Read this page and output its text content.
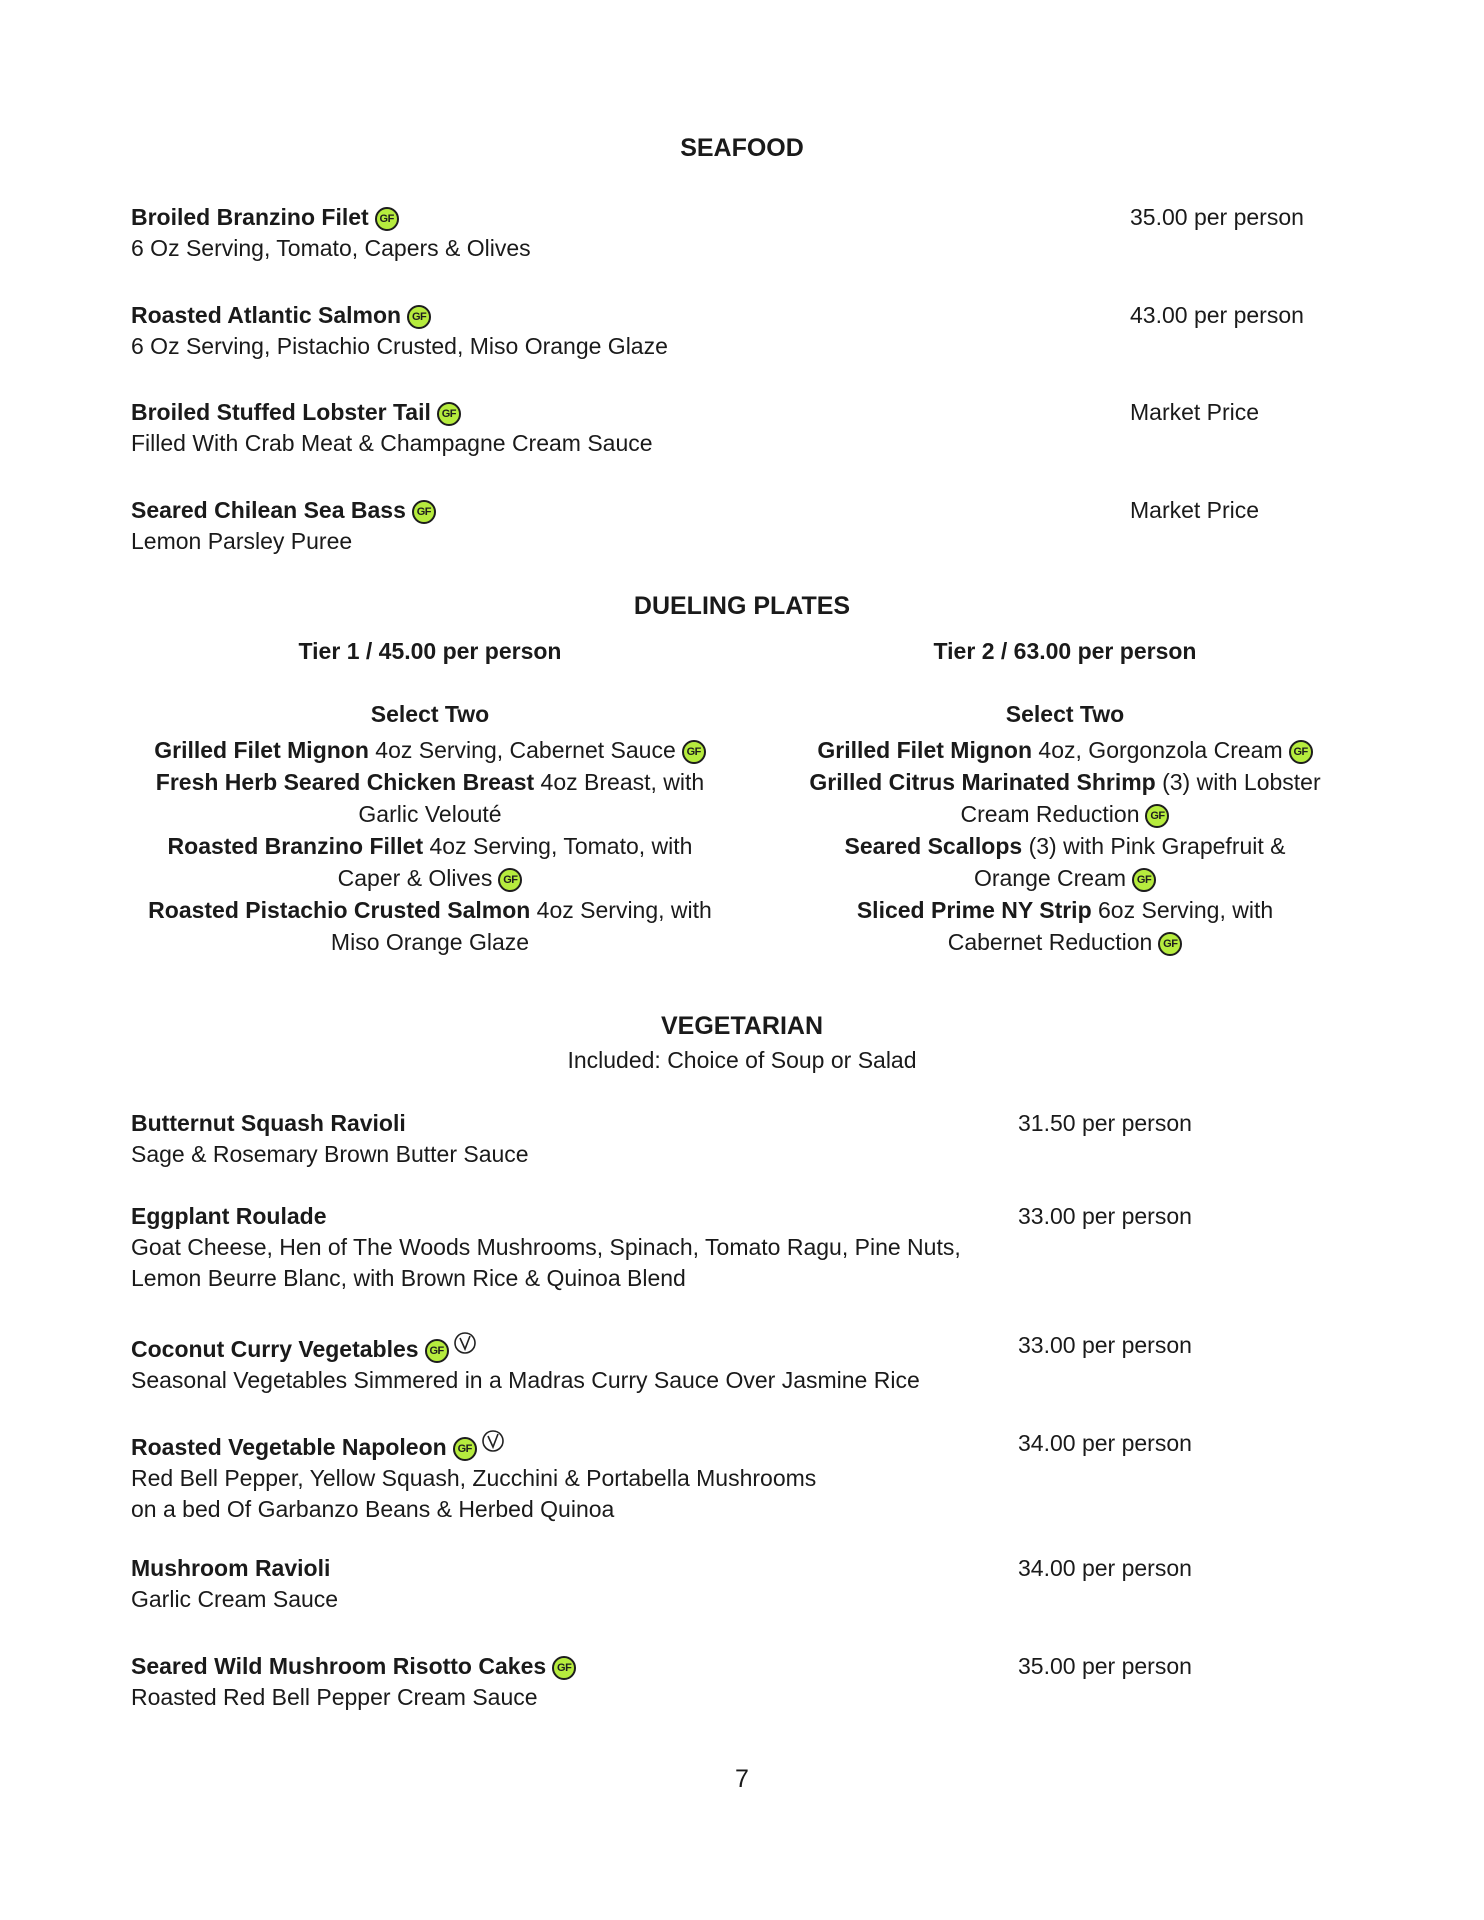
SEAFOOD
Broiled Branzino Filet GF
6 Oz Serving, Tomato, Capers & Olives
35.00 per person
Roasted Atlantic Salmon GF
6 Oz Serving, Pistachio Crusted, Miso Orange Glaze
43.00 per person
Broiled Stuffed Lobster Tail GF
Filled With Crab Meat & Champagne Cream Sauce
Market Price
Seared Chilean Sea Bass GF
Lemon Parsley Puree
Market Price
DUELING PLATES
Tier 1 / 45.00 per person	Tier 2 / 63.00 per person
Select Two
Grilled Filet Mignon 4oz Serving, Cabernet Sauce GF
Fresh Herb Seared Chicken Breast 4oz Breast, with
Garlic Velouté
Roasted Branzino Fillet 4oz Serving, Tomato, with
Caper & Olives GF
Roasted Pistachio Crusted Salmon 4oz Serving, with
Miso Orange Glaze
Select Two
Grilled Filet Mignon 4oz, Gorgonzola Cream GF
Grilled Citrus Marinated Shrimp (3) with Lobster
Cream Reduction GF
Seared Scallops (3) with Pink Grapefruit &
Orange Cream GF
Sliced Prime NY Strip 6oz Serving, with
Cabernet Reduction GF
VEGETARIAN
Included: Choice of Soup or Salad
Butternut Squash Ravioli
Sage & Rosemary Brown Butter Sauce
31.50 per person
Eggplant Roulade
Goat Cheese, Hen of The Woods Mushrooms, Spinach, Tomato Ragu, Pine Nuts,
Lemon Beurre Blanc, with Brown Rice & Quinoa Blend
33.00 per person
Coconut Curry Vegetables GF
Seasonal Vegetables Simmered in a Madras Curry Sauce Over Jasmine Rice
33.00 per person
Roasted Vegetable Napoleon GF
Red Bell Pepper, Yellow Squash, Zucchini & Portabella Mushrooms
on a bed Of Garbanzo Beans & Herbed Quinoa
34.00 per person
Mushroom Ravioli
Garlic Cream Sauce
34.00 per person
Seared Wild Mushroom Risotto Cakes GF
Roasted Red Bell Pepper Cream Sauce
35.00 per person
7
